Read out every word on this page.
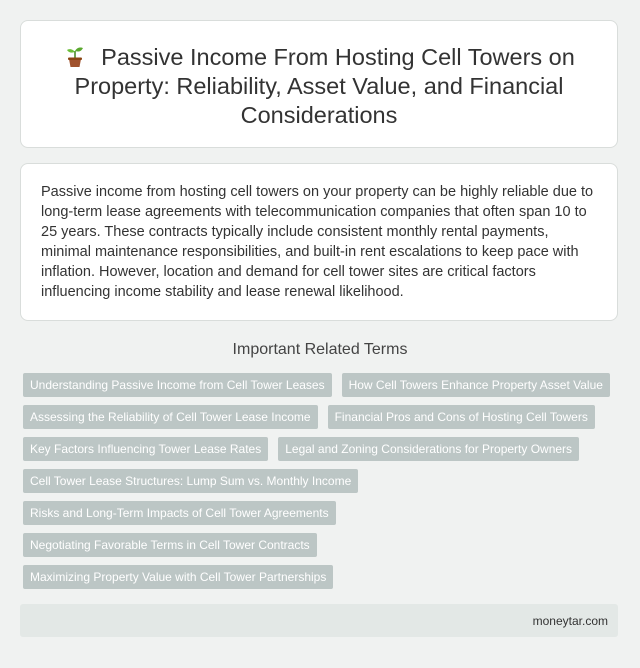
Passive Income From Hosting Cell Towers on Property: Reliability, Asset Value, and Financial Considerations

Passive income from hosting cell towers on your property can be highly reliable due to long-term lease agreements with telecommunication companies that often span 10 to 25 years. These contracts typically include consistent monthly rental payments, minimal maintenance responsibilities, and built-in rent escalations to keep pace with inflation. However, location and demand for cell tower sites are critical factors influencing income stability and lease renewal likelihood.

Important Related Terms
Understanding Passive Income from Cell Tower Leases	How Cell Towers Enhance Property Asset Value
Assessing the Reliability of Cell Tower Lease Income	Financial Pros and Cons of Hosting Cell Towers
Key Factors Influencing Tower Lease Rates	Legal and Zoning Considerations for Property Owners
Cell Tower Lease Structures: Lump Sum vs. Monthly Income
Risks and Long-Term Impacts of Cell Tower Agreements
Negotiating Favorable Terms in Cell Tower Contracts
Maximizing Property Value with Cell Tower Partnerships
moneytar.com
